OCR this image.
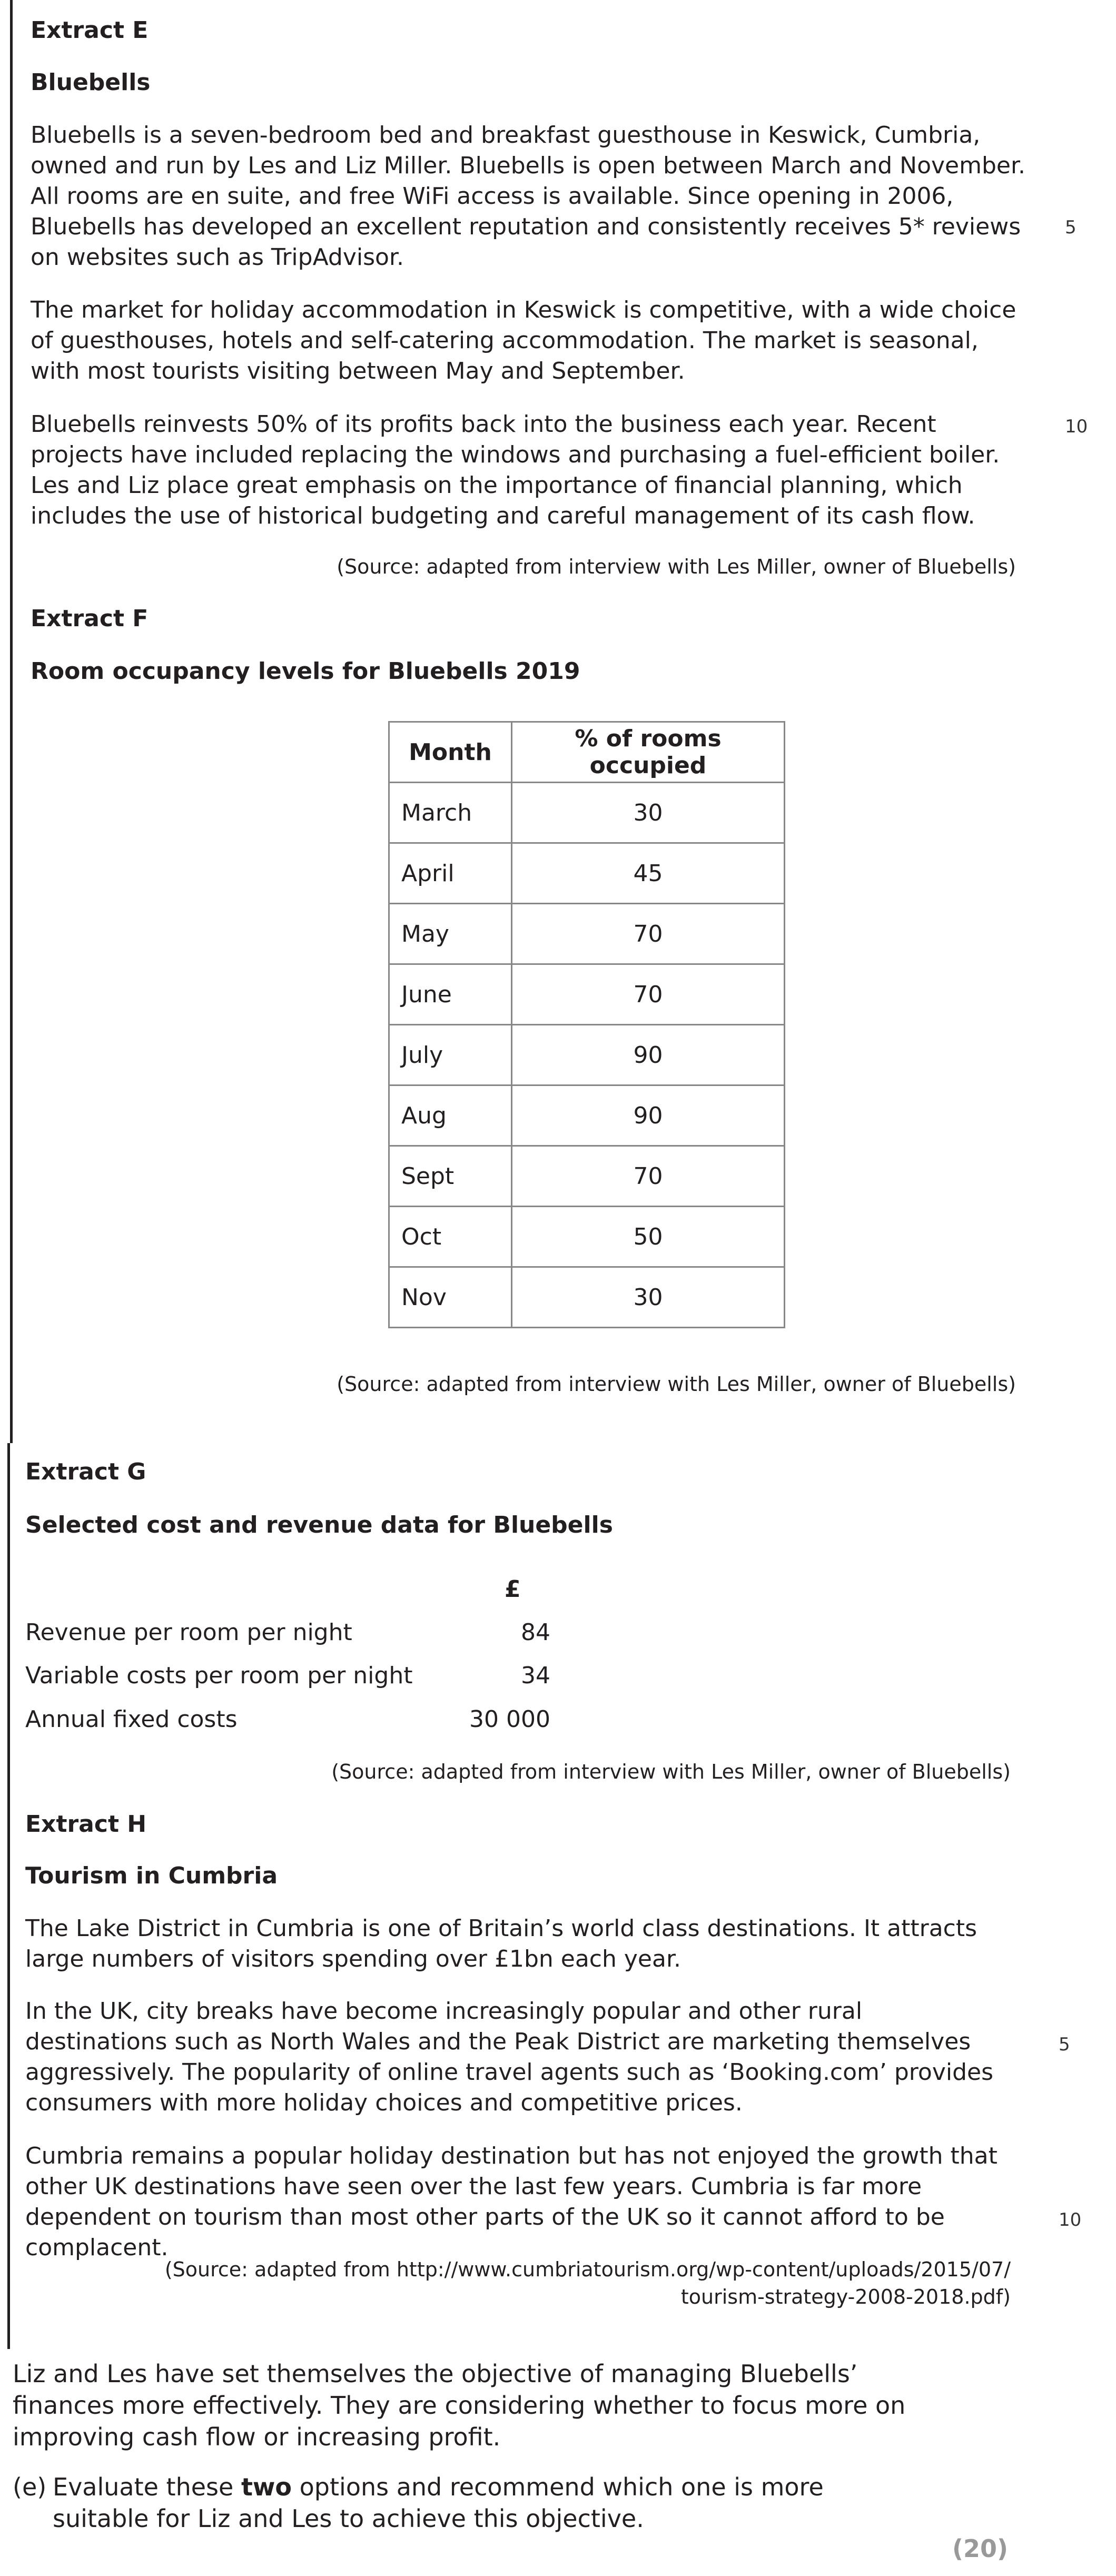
Extract E
Bluebells
Bluebells is a seven-bedroom bed and breakfast guesthouse in Keswick, Cumbria, owned and run by Les and Liz Miller. Bluebells is open between March and November. All rooms are en suite, and free WiFi access is available. Since opening in 2006, Bluebells has developed an excellent reputation and consistently receives 5* reviews on websites such as TripAdvisor.
The market for holiday accommodation in Keswick is competitive, with a wide choice of guesthouses, hotels and self-catering accommodation. The market is seasonal, with most tourists visiting between May and September.
Bluebells reinvests 50% of its profits back into the business each year. Recent projects have included replacing the windows and purchasing a fuel-efficient boiler. Les and Liz place great emphasis on the importance of financial planning, which includes the use of historical budgeting and careful management of its cash flow.
5
10
(Source: adapted from interview with Les Miller, owner of Bluebells)
Extract F
Room occupancy levels for Bluebells 2019
Month	% of rooms occupied
March	30
April	45
May	70
June	70
July	90
Aug	90
Sept	70
Oct	50
Nov	30
(Source: adapted from interview with Les Miller, owner of Bluebells)
Extract G
Selected cost and revenue data for Bluebells
£
Revenue per room per night	84
Variable costs per room per night	34
Annual fixed costs	30 000
(Source: adapted from interview with Les Miller, owner of Bluebells)
Extract H
Tourism in Cumbria
The Lake District in Cumbria is one of Britain’s world class destinations. It attracts large numbers of visitors spending over £1bn each year.
In the UK, city breaks have become increasingly popular and other rural destinations such as North Wales and the Peak District are marketing themselves aggressively. The popularity of online travel agents such as ‘Booking.com’ provides consumers with more holiday choices and competitive prices.
Cumbria remains a popular holiday destination but has not enjoyed the growth that other UK destinations have seen over the last few years. Cumbria is far more dependent on tourism than most other parts of the UK so it cannot afford to be complacent.
5
10
(Source: adapted from http://www.cumbriatourism.org/wp-content/uploads/2015/07/
tourism-strategy-2008-2018.pdf)
Liz and Les have set themselves the objective of managing Bluebells’ finances more effectively. They are considering whether to focus more on improving cash flow or increasing profit.
(e) Evaluate these two options and recommend which one is more suitable for Liz and Les to achieve this objective.
(20)
